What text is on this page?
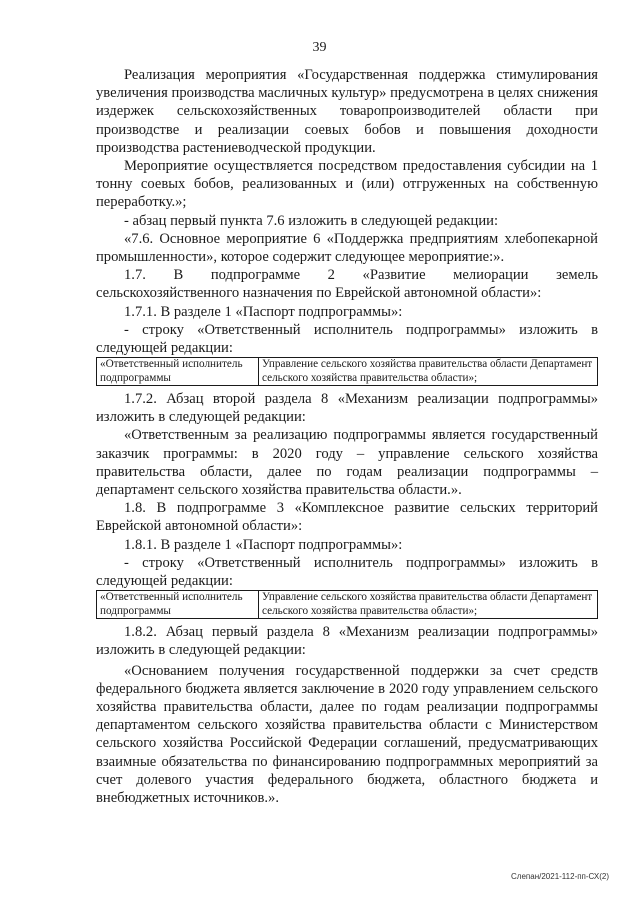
39

Реализация мероприятия «Государственная поддержка стимулирования увеличения производства масличных культур» предусмотрена в целях снижения издержек сельскохозяйственных товаропроизводителей области при производстве и реализации соевых бобов и повышения доходности производства растениеводческой продукции.

Мероприятие осуществляется посредством предоставления субсидии на 1 тонну соевых бобов, реализованных и (или) отгруженных на собственную переработку.»;

- абзац первый пункта 7.6 изложить в следующей редакции:

«7.6. Основное мероприятие 6 «Поддержка предприятиям хлебопекарной промышленности», которое содержит следующее мероприятие:».

1.7. В подпрограмме 2 «Развитие мелиорации земель сельскохозяйственного назначения по Еврейской автономной области»:

1.7.1. В разделе 1 «Паспорт подпрограммы»:

- строку «Ответственный исполнитель подпрограммы» изложить в следующей редакции:

«Ответственный исполнитель подпрограммы	Управление сельского хозяйства правительства области Департамент сельского хозяйства правительства области»;

1.7.2. Абзац второй раздела 8 «Механизм реализации подпрограммы» изложить в следующей редакции:

«Ответственным за реализацию подпрограммы является государственный заказчик программы: в 2020 году – управление сельского хозяйства правительства области, далее по годам реализации подпрограммы – департамент сельского хозяйства правительства области.».

1.8. В подпрограмме 3 «Комплексное развитие сельских территорий Еврейской автономной области»:

1.8.1. В разделе 1 «Паспорт подпрограммы»:

- строку «Ответственный исполнитель подпрограммы» изложить в следующей редакции:

«Ответственный исполнитель подпрограммы	Управление сельского хозяйства правительства области Департамент сельского хозяйства правительства области»;

1.8.2. Абзац первый раздела 8 «Механизм реализации подпрограммы» изложить в следующей редакции:

«Основанием получения государственной поддержки за счет средств федерального бюджета является заключение в 2020 году управлением сельского хозяйства правительства области, далее по годам реализации подпрограммы департаментом сельского хозяйства правительства области с Министерством сельского хозяйства Российской Федерации соглашений, предусматривающих взаимные обязательства по финансированию подпрограммных мероприятий за счет долевого участия федерального бюджета, областного бюджета и внебюджетных источников.».

Слепан/2021-112-пп-СХ(2)
